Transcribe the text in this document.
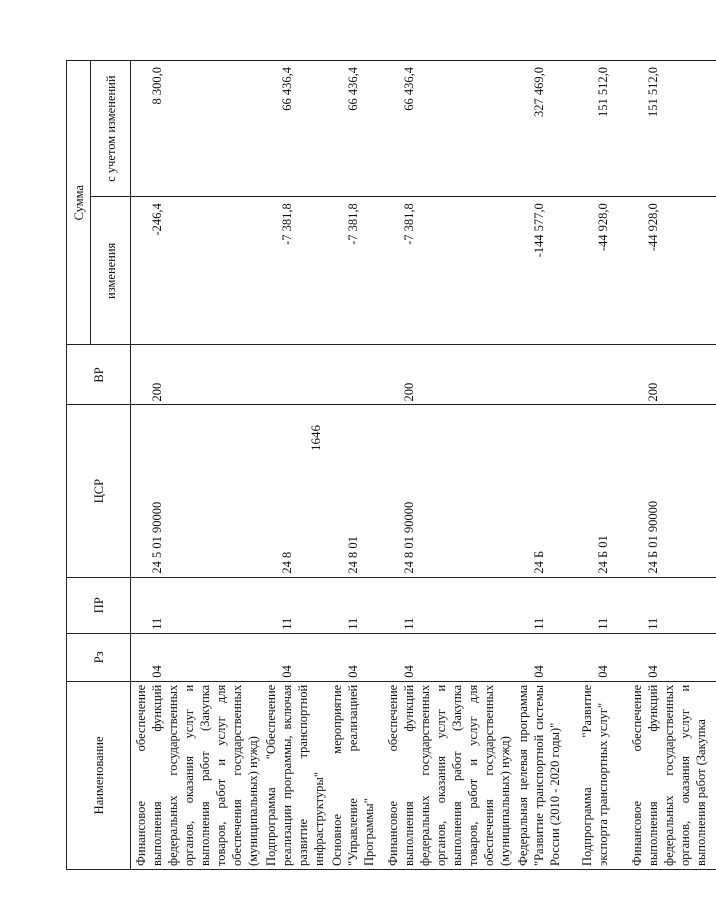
1646
Наименование	Рз	ПР	ЦСР	ВР	Сумма	
					изменения	с учетом изменений
Финансовое обеспечение выполнения функций федеральных государственных органов, оказания услуг и выполнения работ (Закупка товаров, работ и услуг для обеспечения государственных (муниципальных) нужд)	04	11	24 5 01 90000	200	-246,4	8 300,0
Подпрограмма "Обеспечение реализации программы, включая развитие транспортной инфраструктуры"	04	11	24 8		-7 381,8	66 436,4
Основное мероприятие "Управление реализацией Программы"	04	11	24 8 01		-7 381,8	66 436,4
Финансовое обеспечение выполнения функций федеральных государственных органов, оказания услуг и выполнения работ (Закупка товаров, работ и услуг для обеспечения государственных (муниципальных) нужд)	04	11	24 8 01 90000	200	-7 381,8	66 436,4
Федеральная целевая программа "Развитие транспортной системы России (2010 - 2020 годы)"	04	11	24 Б		-144 577,0	327 469,0
Подпрограмма "Развитие экспорта транспортных услуг"	04	11	24 Б 01		-44 928,0	151 512,0
Финансовое обеспечение выполнения функций федеральных государственных органов, оказания услуг и выполнения работ (Закупка	04	11	24 Б 01 90000	200	-44 928,0	151 512,0
